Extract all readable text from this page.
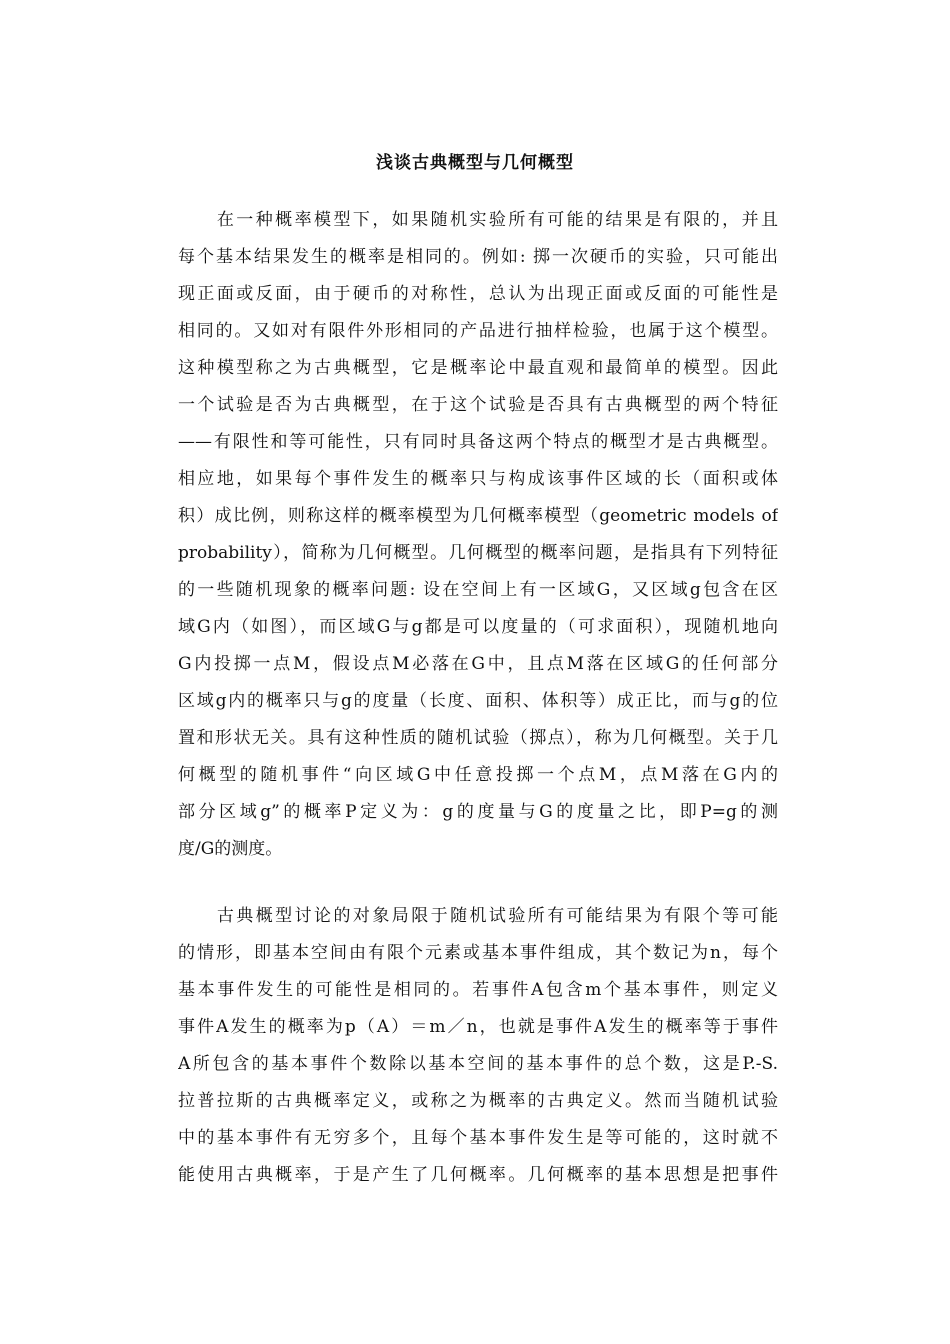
浅谈古典概型与几何概型
　　在一种概率模型下，如果随机实验所有可能的结果是有限的，并且
每个基本结果发生的概率是相同的。例如: 掷一次硬币的实验，只可能出
现正面或反面，由于硬币的对称性，总认为出现正面或反面的可能性是
相同的。又如对有限件外形相同的产品进行抽样检验，也属于这个模型。
这种模型称之为古典概型，它是概率论中最直观和最简单的模型。因此
一个试验是否为古典概型，在于这个试验是否具有古典概型的两个特征
——有限性和等可能性，只有同时具备这两个特点的概型才是古典概型。
相应地，如果每个事件发生的概率只与构成该事件区域的长（面积或体
积）成比例，则称这样的概率模型为几何概率模型（geometric models of
probability），简称为几何概型。几何概型的概率问题，是指具有下列特征
的一些随机现象的概率问题: 设在空间上有一区域G，又区域g包含在区
域G内（如图），而区域G与g都是可以度量的（可求面积），现随机地向
G内投掷一点M，假设点M必落在G中，且点M落在区域G的任何部分
区域g内的概率只与g的度量（长度、面积、体积等）成正比，而与g的位
置和形状无关。具有这种性质的随机试验（掷点），称为几何概型。关于几
何概型的随机事件“向区域G中任意投掷一个点M，点M落在G内的
部分区域g”的概率P定义为：g的度量与G的度量之比，即P=g的测
度/G的测度。
　　古典概型讨论的对象局限于随机试验所有可能结果为有限个等可能
的情形，即基本空间由有限个元素或基本事件组成，其个数记为n，每个
基本事件发生的可能性是相同的。若事件A包含m个基本事件，则定义
事件A发生的概率为p（A）＝m／n，也就是事件A发生的概率等于事件
A所包含的基本事件个数除以基本空间的基本事件的总个数，这是P.-S.
拉普拉斯的古典概率定义，或称之为概率的古典定义。然而当随机试验
中的基本事件有无穷多个，且每个基本事件发生是等可能的，这时就不
能使用古典概率，于是产生了几何概率。几何概率的基本思想是把事件
